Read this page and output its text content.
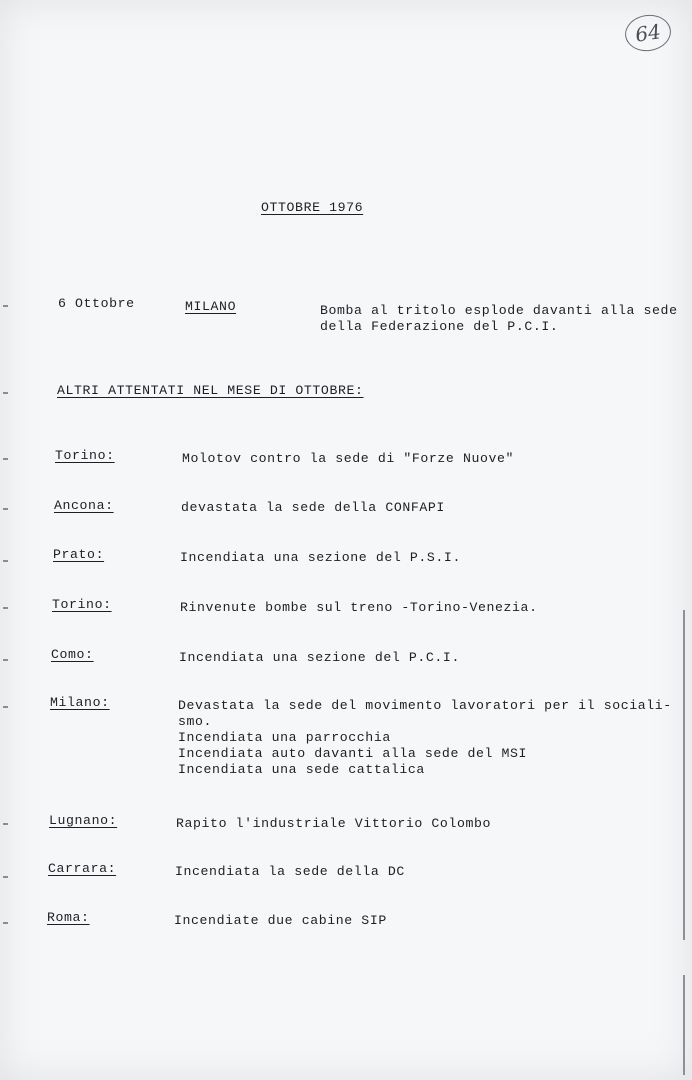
64
OTTOBRE 1976
6 Ottobre	MILANO	Bomba al tritolo esplode davanti alla sede
della Federazione del P.C.I.
ALTRI ATTENTATI NEL MESE DI OTTOBRE:
Torino:	Molotov contro la sede di "Forze Nuove"
Ancona:	devastata la sede della CONFAPI
Prato:	Incendiata una sezione del P.S.I.
Torino:	Rinvenute bombe sul treno -Torino-Venezia.
Como:	Incendiata una sezione del P.C.I.
Milano:	Devastata la sede del movimento lavoratori per il sociali-
smo.
Incendiata una parrocchia
Incendiata auto davanti alla sede del MSI
Incendiata una sede cattalica
Lugnano:	Rapito l'industriale Vittorio Colombo
Carrara:	Incendiata la sede della DC
Roma:	Incendiate due cabine SIP
